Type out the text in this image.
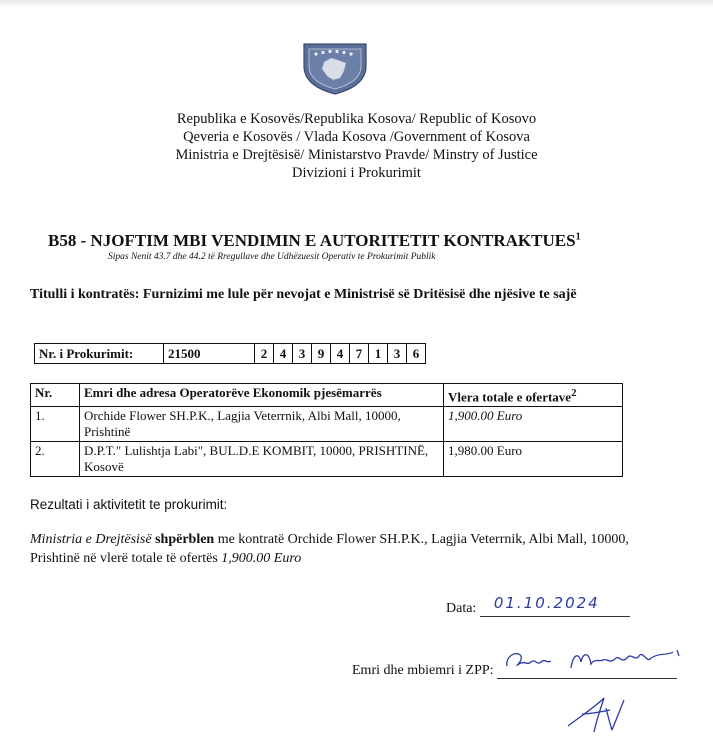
Republika e Kosovës/Republika Kosova/ Republic of Kosovo
Qeveria e Kosovës / Vlada Kosova /Government of Kosova
Ministria e Drejtësisë/ Ministarstvo Pravde/ Minstry of Justice
Divizioni i Prokurimit
B58 - NJOFTIM MBI VENDIMIN E AUTORITETIT KONTRAKTUES$^1$
Sipas Nenit 43.7 dhe 44.2 të Rregullave dhe Udhëzuesit Operativ te Prokurimit Publik
Titulli i kontratës: Furnizimi me lule për nevojat e Ministrisë së Dritësisë dhe njësive te sajë
Nr. i Prokurimit:	21500	2	4	3	9	4	7	1	3	6
Nr.	Emri dhe adresa Operatorëve Ekonomik pjesëmarrës	Vlera totale e ofertave$^2$
1.	Orchide Flower SH.P.K., Lagjia Veterrnik, Albi Mall, 10000, Prishtinë	1,900.00 Euro
2.	D.P.T." Lulishtja Labi", BUL.D.E KOMBIT, 10000, PRISHTINË, Kosovë	1,980.00 Euro
Rezultati i aktivitetit te prokurimit:
Ministria e Drejtësisë shpërblen me kontratë Orchide Flower SH.P.K., Lagjia Veterrnik, Albi Mall, 10000, Prishtinë në vlerë totale të ofertës 1,900.00 Euro
Data: 01.10.2024
Emri dhe mbiemri i ZPP:
